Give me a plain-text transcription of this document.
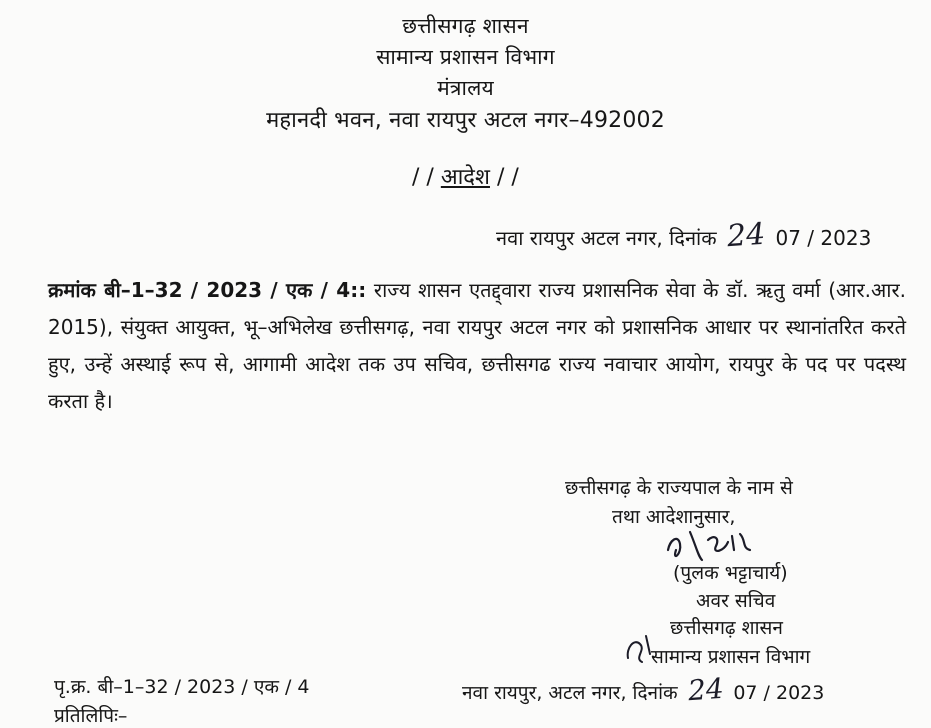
छत्तीसगढ़ शासन
सामान्य प्रशासन विभाग
मंत्रालय
महानदी भवन, नवा रायपुर अटल नगर–492002
/ / आदेश / /
नवा रायपुर अटल नगर, दिनांक 24 07 / 2023
क्रमांक बी–1–32 / 2023 / एक / 4:: राज्य शासन एतद्द्वारा राज्य प्रशासनिक सेवा के डॉ. ऋतु वर्मा (आर.आर. 2015), संयुक्त आयुक्त, भू–अभिलेख छत्तीसगढ़, नवा रायपुर अटल नगर को प्रशासनिक आधार पर स्थानांतरित करते हुए, उन्हें अस्थाई रूप से, आगामी आदेश तक उप सचिव, छत्तीसगढ राज्य नवाचार आयोग, रायपुर के पद पर पदस्थ करता है।
छत्तीसगढ़ के राज्यपाल के नाम से
तथा आदेशानुसार,
(पुलक भट्टाचार्य)
अवर सचिव
छत्तीसगढ़ शासन
सामान्य प्रशासन विभाग
पृ.क्र. बी–1–32 / 2023 / एक / 4	नवा रायपुर, अटल नगर, दिनांक 24 07 / 2023
प्रतिलिपिः–
